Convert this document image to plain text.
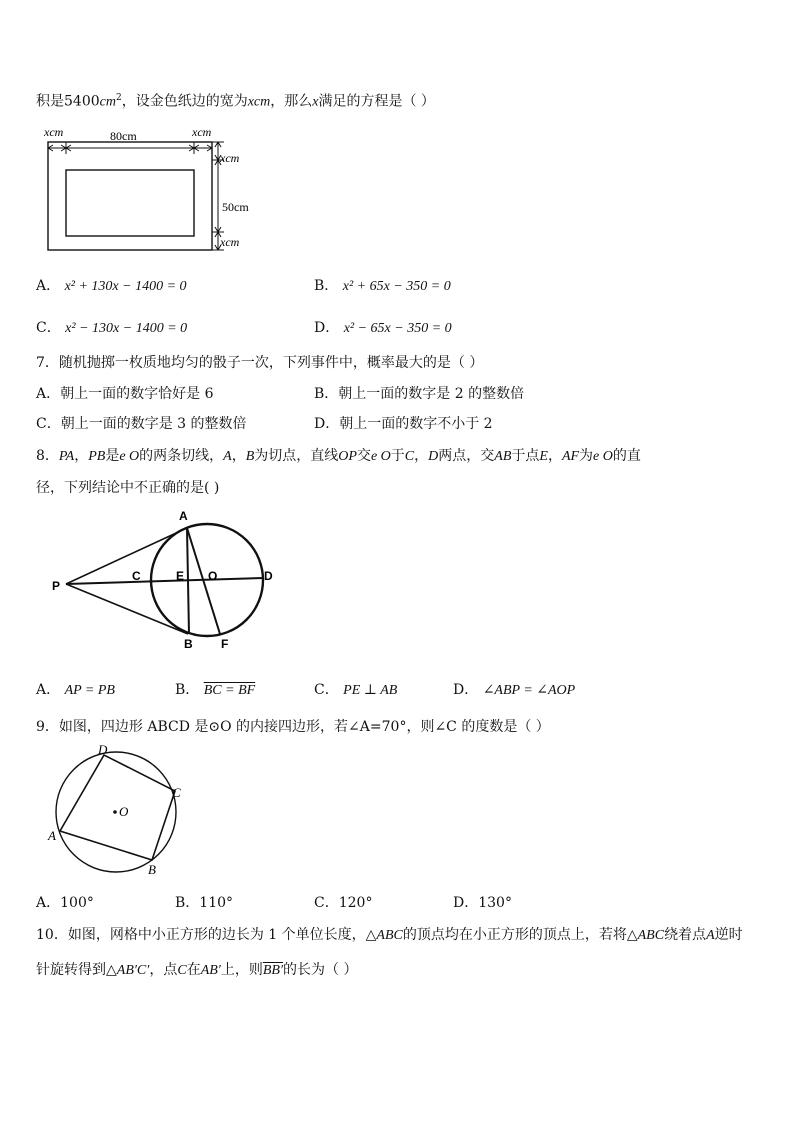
积是$5400cm^2$，设金色纸边的宽为xcm，那么x满足的方程是（ ）
xcm	80cm	xcm
xcm
50cm
xcm
A． x² + 130x − 1400 = 0	B． x² + 65x − 350 = 0
C． x² − 130x − 1400 = 0	D． x² − 65x − 350 = 0
7．随机抛掷一枚质地均匀的骰子一次，下列事件中，概率最大的是（ ）
A．朝上一面的数字恰好是 6	B．朝上一面的数字是 2 的整数倍
C．朝上一面的数字是 3 的整数倍	D．朝上一面的数字不小于 2
8．PA，PB是e O的两条切线，A，B为切点，直线OP交e O于C，D两点，交AB于点E，AF为e O的直
径，下列结论中不正确的是( )
A
C	E O	D
P
B F
A． AP = PB	B． BC = BF	C． PE ⊥ AB	D． ∠ABP = ∠AOP
9．如图，四边形 ABCD 是⊙O 的内接四边形，若∠A=70°，则∠C 的度数是（ ）
A
B
C
D
O
A．100°	B．110°	C．120°	D．130°
10．如图，网格中小正方形的边长为 1 个单位长度，△ABC的顶点均在小正方形的顶点上，若将△ABC绕着点A逆时
针旋转得到△AB′C′，点C在AB′上，则BB′的长为（ ）
